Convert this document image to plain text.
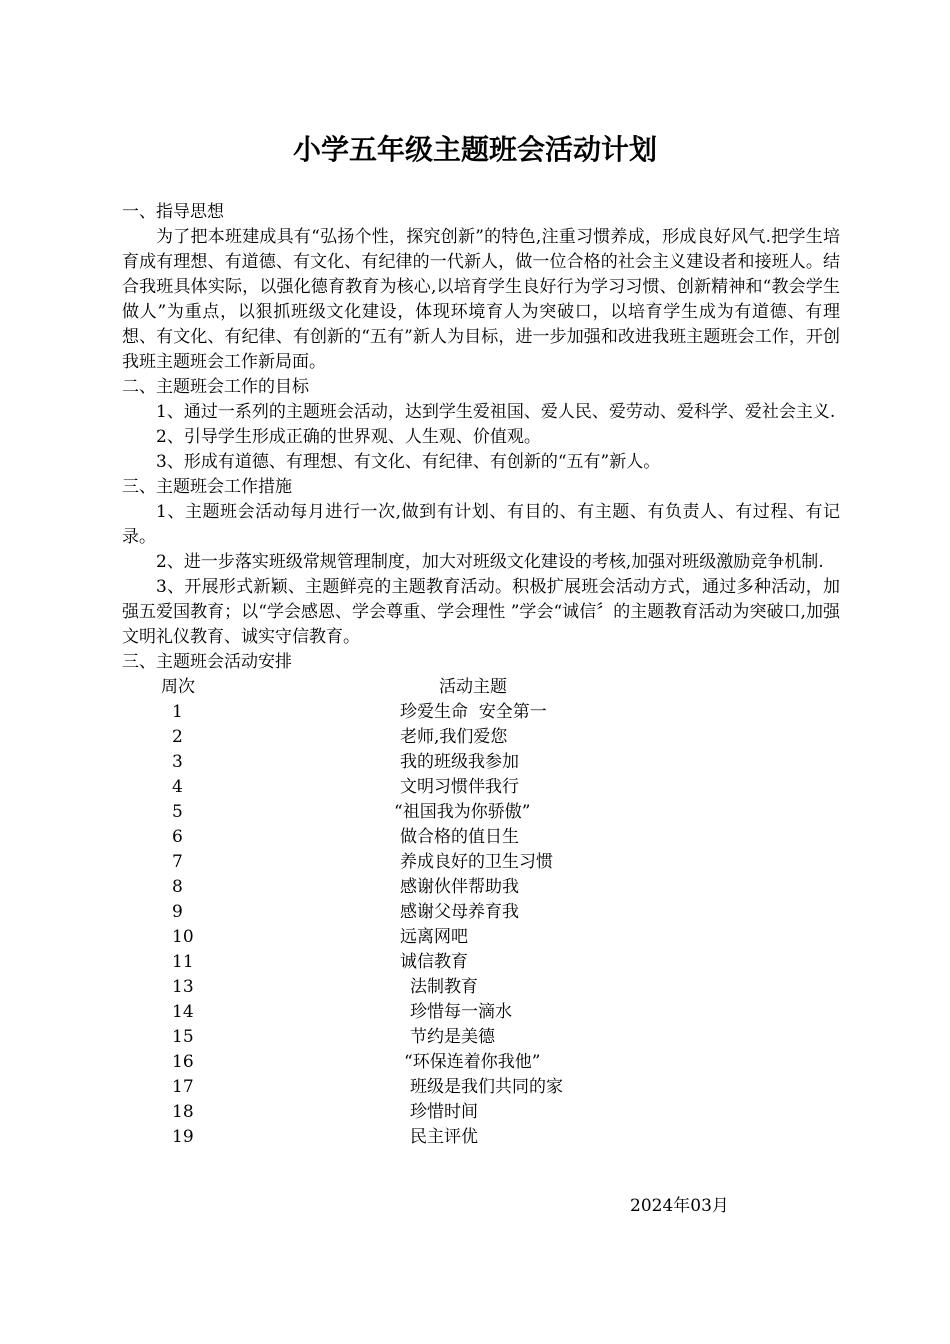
小学五年级主题班会活动计划

一、指导思想

为了把本班建成具有“弘扬个性，探究创新”的特色,注重习惯养成，形成良好风气.把学生培育成有理想、有道德、有文化、有纪律的一代新人，做一位合格的社会主义建设者和接班人。结合我班具体实际，以强化德育教育为核心,以培育学生良好行为学习习惯、创新精神和“教会学生做人”为重点，以狠抓班级文化建设，体现环境育人为突破口，以培育学生成为有道德、有理想、有文化、有纪律、有创新的“五有”新人为目标，进一步加强和改进我班主题班会工作，开创我班主题班会工作新局面。

二、主题班会工作的目标

1、通过一系列的主题班会活动，达到学生爱祖国、爱人民、爱劳动、爱科学、爱社会主义.

2、引导学生形成正确的世界观、人生观、价值观。

3、形成有道德、有理想、有文化、有纪律、有创新的“五有”新人。

三、主题班会工作措施

1、主题班会活动每月进行一次,做到有计划、有目的、有主题、有负责人、有过程、有记录。

2、进一步落实班级常规管理制度，加大对班级文化建设的考核,加强对班级激励竞争机制.

3、开展形式新颖、主题鲜亮的主题教育活动。积极扩展班会活动方式，通过多种活动，加强五爱国教育；以“学会感恩、学会尊重、学会理性 ”学会“诚信〞的主题教育活动为突破口,加强文明礼仪教育、诚实守信教育。

三、主题班会活动安排

周次	活动主题
1	珍爱生命  安全第一
2	老师,我们爱您
3	我的班级我参加
4	文明习惯伴我行
5	“祖国我为你骄傲”
6	做合格的值日生
7	养成良好的卫生习惯
8	感谢伙伴帮助我
9	感谢父母养育我
10	远离网吧
11	诚信教育
13	法制教育
14	珍惜每一滴水
15	节约是美德
16	“环保连着你我他”
17	班级是我们共同的家
18	珍惜时间
19	民主评优
2024年03月
